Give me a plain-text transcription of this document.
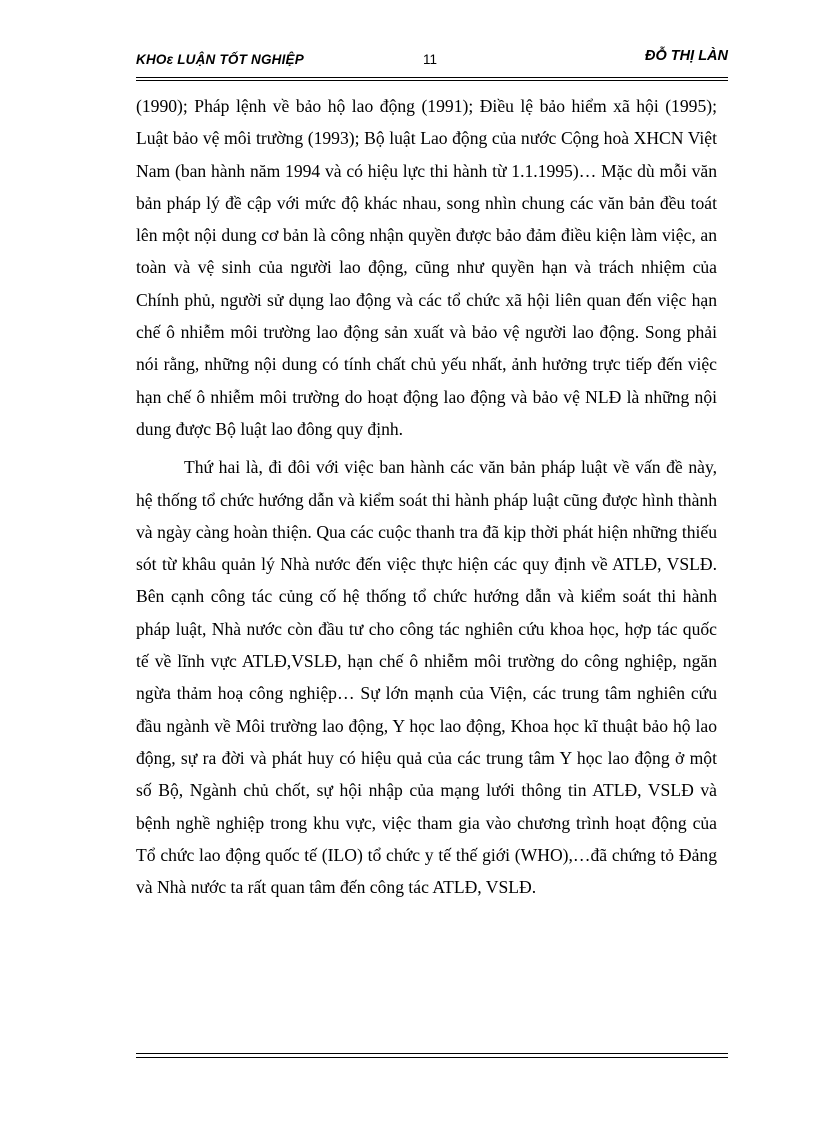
KHOɛ LUẬN TỐT NGHIỆP	11	ĐỖ THỊ LÀN

(1990); Pháp lệnh về bảo hộ lao động (1991); Điều lệ bảo hiểm xã hội (1995); Luật bảo vệ môi trường (1993); Bộ luật Lao động của nước Cộng hoà XHCN Việt Nam (ban hành năm 1994 và có hiệu lực thi hành từ 1.1.1995)… Mặc dù mỗi văn bản pháp lý đề cập với mức độ khác nhau, song nhìn chung các văn bản đều toát lên một nội dung cơ bản là công nhận quyền được bảo đảm điều kiện làm việc, an toàn và vệ sinh của người lao động, cũng như quyền hạn và trách nhiệm của Chính phủ, người sử dụng lao động và các tổ chức xã hội liên quan đến việc hạn chế ô nhiễm môi trường lao động sản xuất và bảo vệ người lao động. Song phải nói rằng, những nội dung có tính chất chủ yếu nhất, ảnh hưởng trực tiếp đến việc hạn chế ô nhiễm môi trường do hoạt động lao động và bảo vệ NLĐ là những nội dung được Bộ luật lao đông quy định.

Thứ hai là, đi đôi với việc ban hành các văn bản pháp luật về vấn đề này, hệ thống tổ chức hướng dẫn và kiểm soát thi hành pháp luật cũng được hình thành và ngày càng hoàn thiện. Qua các cuộc thanh tra đã kịp thời phát hiện những thiếu sót từ khâu quản lý Nhà nước đến việc thực hiện các quy định về ATLĐ, VSLĐ. Bên cạnh công tác củng cố hệ thống tổ chức hướng dẫn và kiểm soát thi hành pháp luật, Nhà nước còn đầu tư cho công tác nghiên cứu khoa học, hợp tác quốc tế về lĩnh vực ATLĐ,VSLĐ, hạn chế ô nhiễm môi trường do công nghiệp, ngăn ngừa thảm hoạ công nghiệp… Sự lớn mạnh của Viện, các trung tâm nghiên cứu đầu ngành về Môi trường lao động, Y học lao động, Khoa học kĩ thuật bảo hộ lao động, sự ra đời và phát huy có hiệu quả của các trung tâm Y học lao động ở một số Bộ, Ngành chủ chốt, sự hội nhập của mạng lưới thông tin ATLĐ, VSLĐ và bệnh nghề nghiệp trong khu vực, việc tham gia vào chương trình hoạt động của Tổ chức lao động quốc tế (ILO) tổ chức y tế thế giới (WHO),…đã chứng tỏ Đảng và Nhà nước ta rất quan tâm đến công tác ATLĐ, VSLĐ.
